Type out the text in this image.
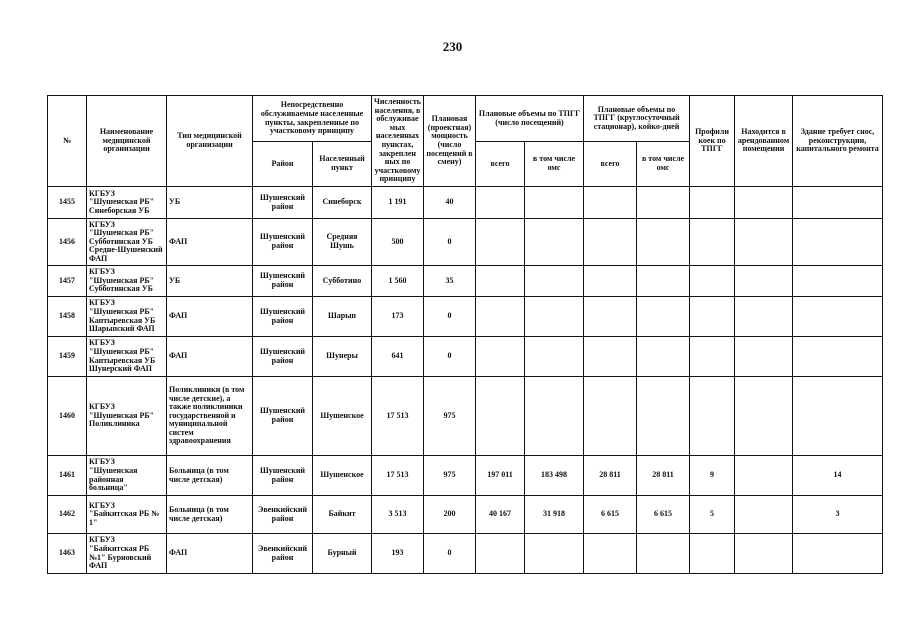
230
№	Наименование медицинской организации	Тип медицинской организации	Непосредственно обслуживаемые населенные пункты, закрепленные по участковому принципу		Численность населения, в обслуживае мых населенных пунктах, закреплен ных по участковому принципу	Плановая (проектная) мощность (число посещений в смену)	Плановые объемы по ТПГГ (число посещений)		Плановые объемы по ТПГГ (круглосуточный стационар), койко-дней		Профили коек по ТПГГ	Находится в арендованном помещении	Здание требует снос, реконструкции, капитального ремонта
			Район	Населенный пункт			всего	в том числе омс	всего	в том числе омс			
1455	КГБУЗ "Шушенская РБ" Синеборская УБ	УБ	Шушенский район	Синеборск	1 191	40							
1456	КГБУЗ "Шушенская РБ" Субботинская УБ Средне-Шушенский ФАП	ФАП	Шушенский район	Средняя Шушь	500	0							
1457	КГБУЗ "Шушенская РБ" Субботинская УБ	УБ	Шушенский район	Субботино	1 560	35							
1458	КГБУЗ "Шушенская РБ" Каптыревская УБ Шарыпский ФАП	ФАП	Шушенский район	Шарып	173	0							
1459	КГБУЗ "Шушенская РБ" Каптыревская УБ Шунерский ФАП	ФАП	Шушенский район	Шунеры	641	0							
1460	КГБУЗ "Шушенская РБ" Поликлиника	Поликлиники (в том числе детские), а также поликлиники государственной и муниципальной систем здравоохранения	Шушенский район	Шушенское	17 513	975							
1461	КГБУЗ "Шушенская районная больница"	Больница (в том числе детская)	Шушенский район	Шушенское	17 513	975	197 011	183 498	28 811	28 811	9		14
1462	КГБУЗ "Байкитская РБ № 1"	Больница (в том числе детская)	Эвенкийский район	Байкит	3 513	200	40 167	31 918	6 615	6 615	5		3
1463	КГБУЗ "Байкитская РБ №1" Бурновский ФАП	ФАП	Эвенкийский район	Бурный	193	0							
